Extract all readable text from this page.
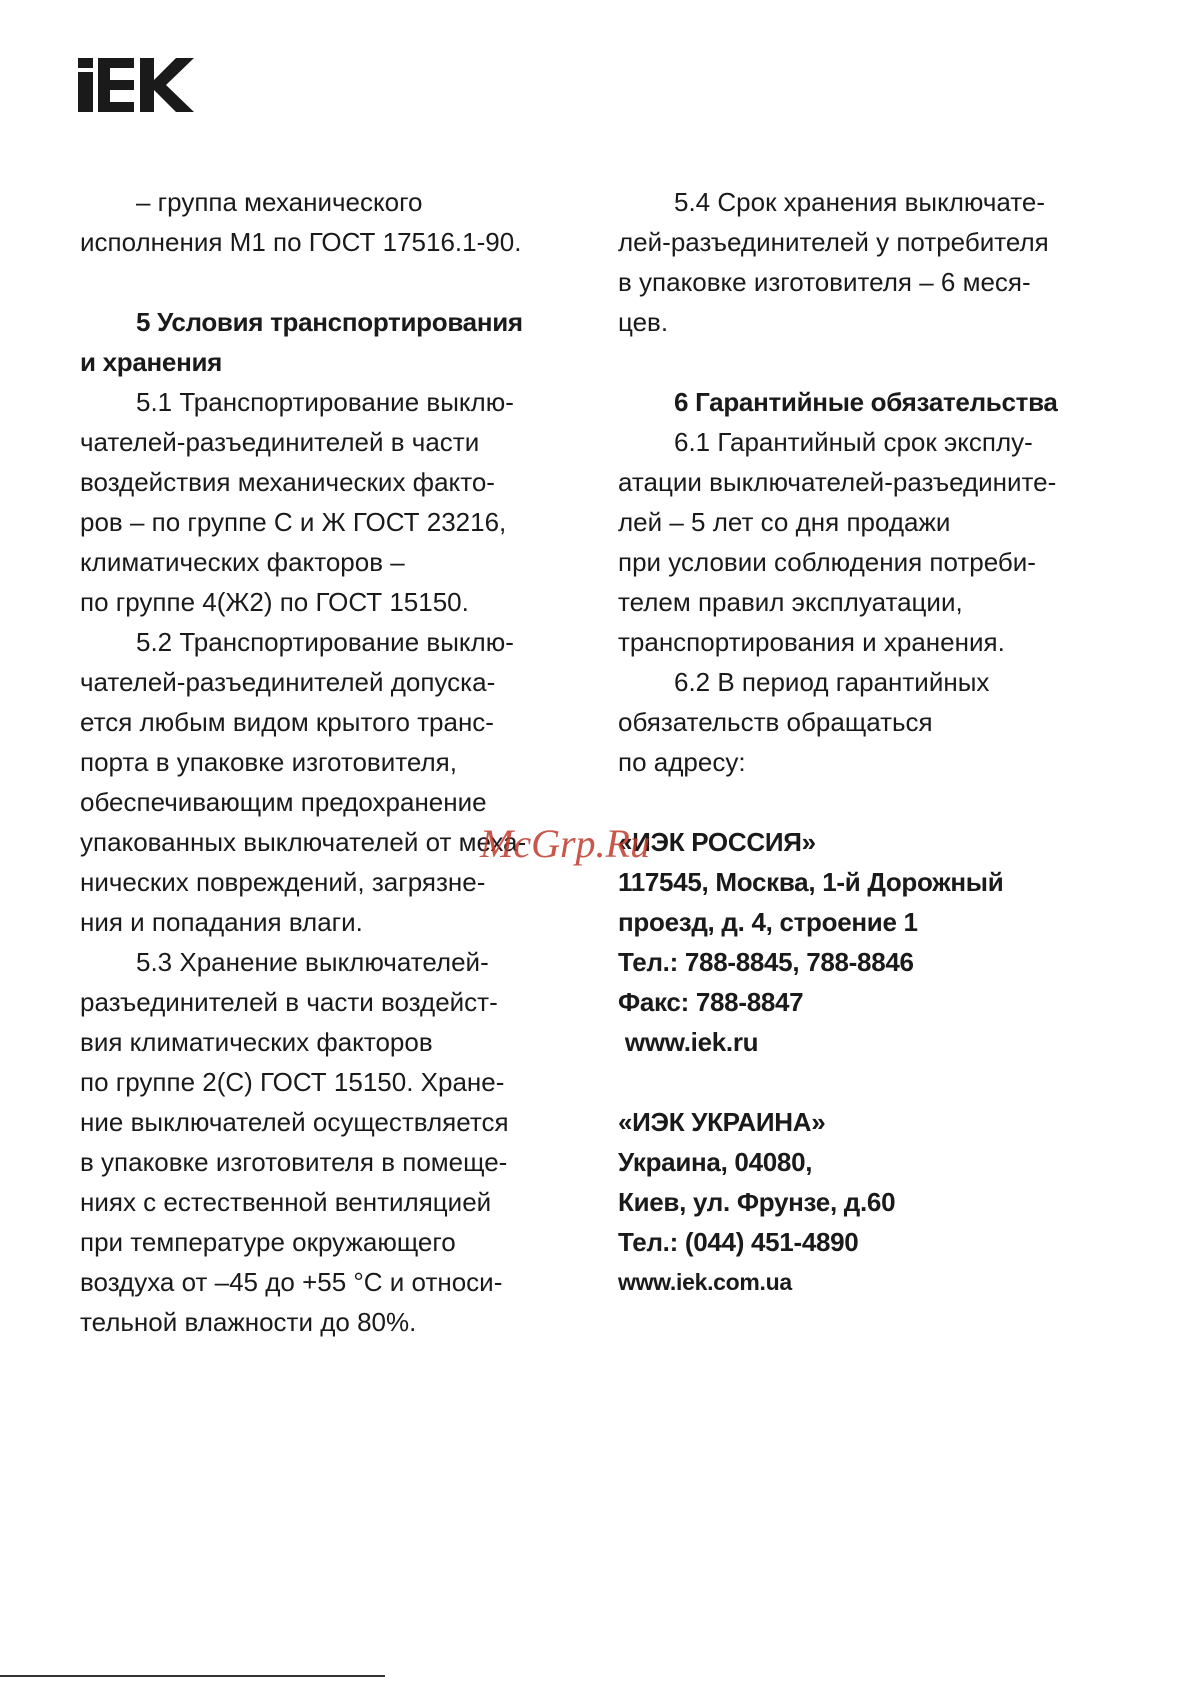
– группа механического
исполнения М1 по ГОСТ 17516.1-90.
5 Условия транспортирования
и хранения
5.1 Транспортирование выклю-
чателей-разъединителей в части
воздействия механических факто-
ров – по группе С и Ж ГОСТ 23216,
климатических факторов –
по группе 4(Ж2) по ГОСТ 15150.
5.2 Транспортирование выклю-
чателей-разъединителей допуска-
ется любым видом крытого транс-
порта в упаковке изготовителя,
обеспечивающим предохранение
упакованных выключателей от меха-
нических повреждений, загрязне-
ния и попадания влаги.
5.3 Хранение выключателей-
разъединителей в части воздейст-
вия климатических факторов
по группе 2(С) ГОСТ 15150. Хране-
ние выключателей осуществляется
в упаковке изготовителя в помеще-
ниях с естественной вентиляцией
при температуре окружающего
воздуха от –45 до +55 °С и относи-
тельной влажности до 80%.
5.4 Срок хранения выключате-
лей-разъединителей у потребителя
в упаковке изготовителя – 6 меся-
цев.
6 Гарантийные обязательства
6.1 Гарантийный срок эксплу-
атации выключателей-разъедините-
лей – 5 лет со дня продажи
при условии соблюдения потреби-
телем правил эксплуатации,
транспортирования и хранения.
6.2 В период гарантийных
обязательств обращаться
по адресу:
«ИЭК РОССИЯ»
117545, Москва, 1-й Дорожный
проезд, д. 4, строение 1
Тел.: 788-8845, 788-8846
Факс: 788-8847
www.iek.ru
«ИЭК УКРАИНА»
Украина, 04080,
Киев, ул. Фрунзе, д.60
Тел.: (044) 451-4890
www.iek.com.ua
McGrp.Ru
